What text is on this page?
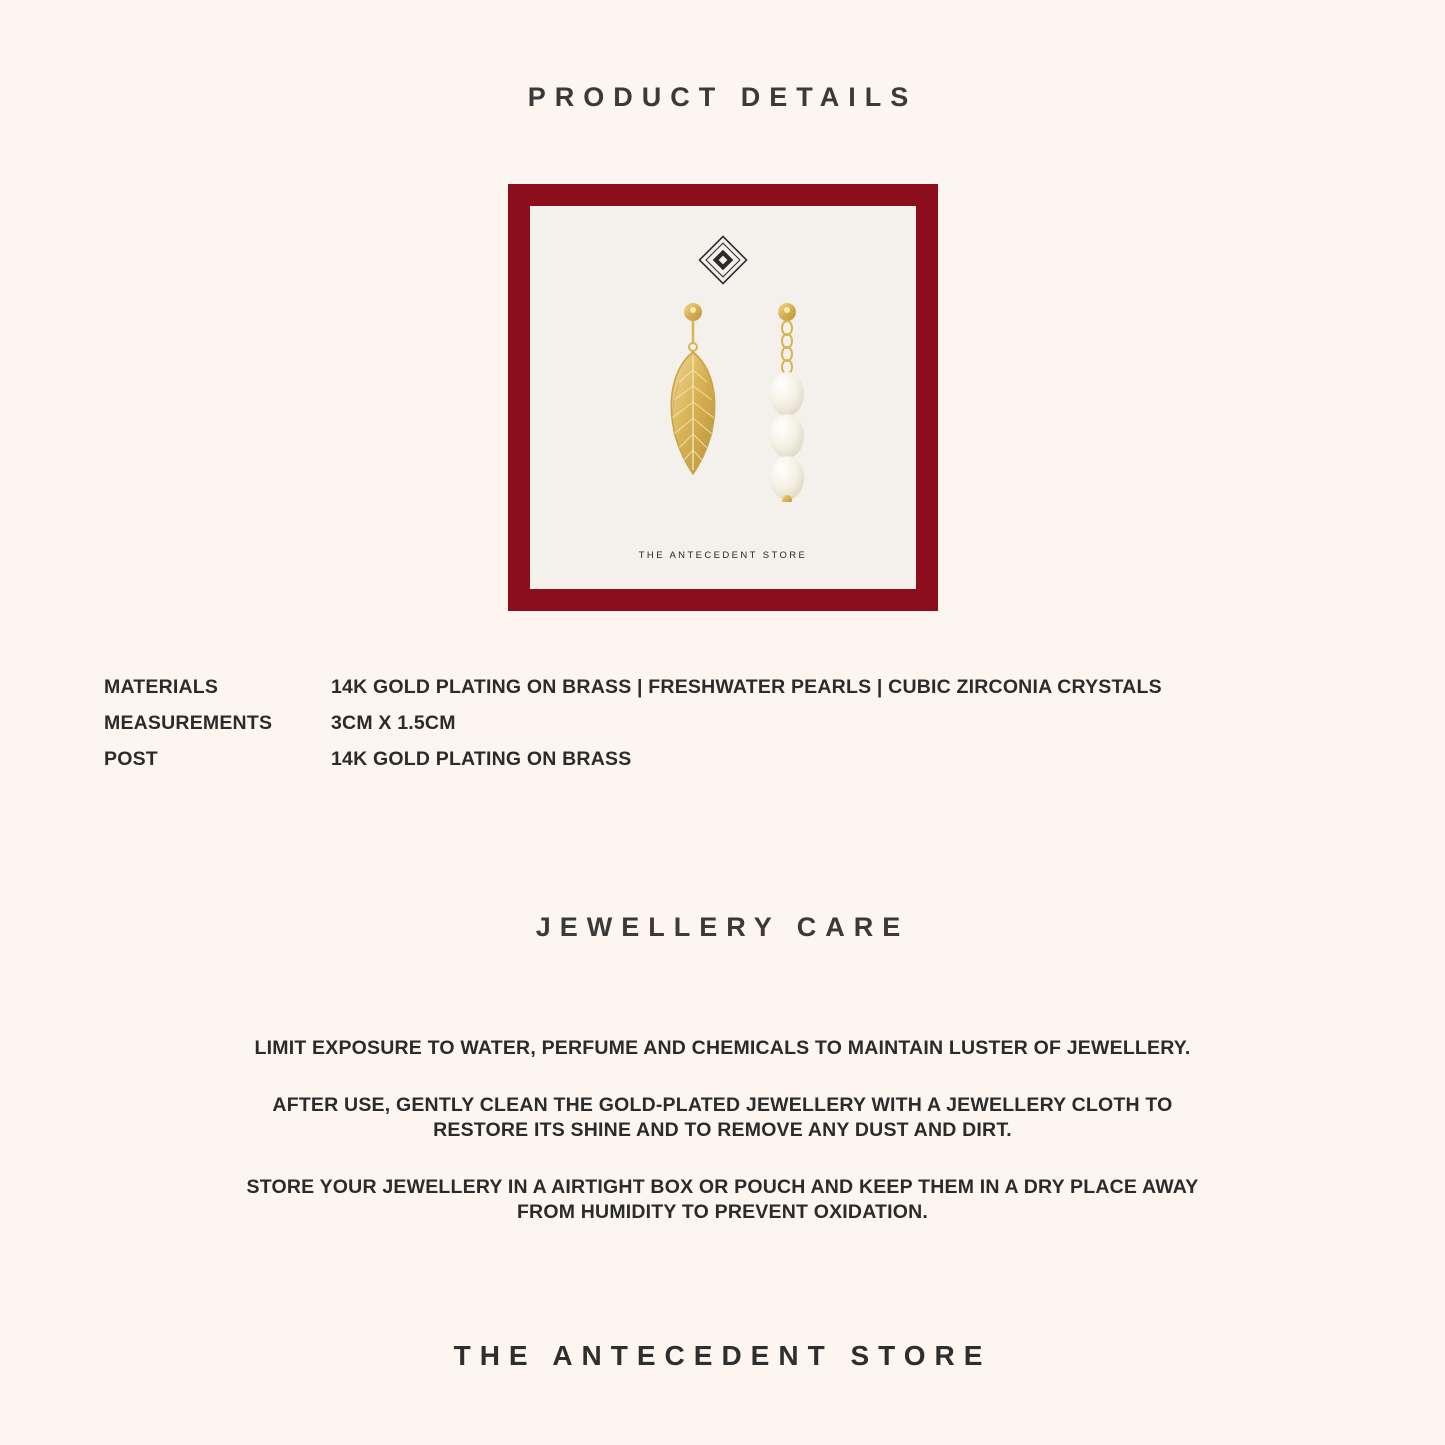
PRODUCT DETAILS
THE ANTECEDENT STORE
MATERIALS	14K GOLD PLATING ON BRASS | FRESHWATER PEARLS | CUBIC ZIRCONIA CRYSTALS
MEASUREMENTS	3CM X 1.5CM
POST	14K GOLD PLATING ON BRASS
JEWELLERY CARE

LIMIT EXPOSURE TO WATER, PERFUME AND CHEMICALS TO MAINTAIN LUSTER OF JEWELLERY.

AFTER USE, GENTLY CLEAN THE GOLD-PLATED JEWELLERY WITH A JEWELLERY CLOTH TO RESTORE ITS SHINE AND TO REMOVE ANY DUST AND DIRT.

STORE YOUR JEWELLERY IN A AIRTIGHT BOX OR POUCH AND KEEP THEM IN A DRY PLACE AWAY FROM HUMIDITY TO PREVENT OXIDATION.

THE ANTECEDENT STORE
